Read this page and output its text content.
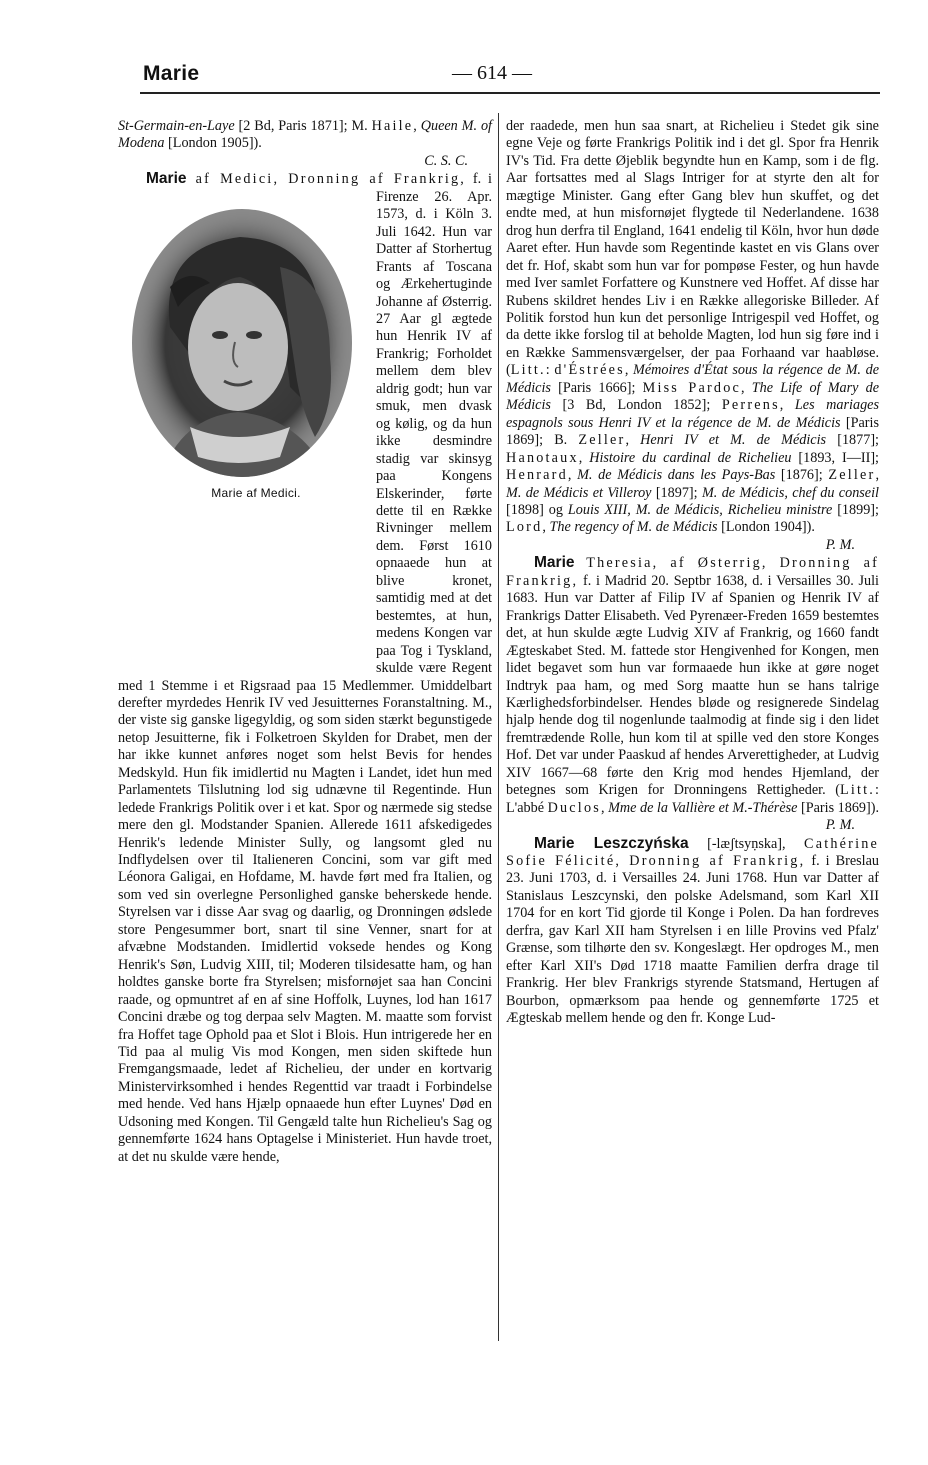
Marie	— 614 —

St-Germain-en-Laye [2 Bd, Paris 1871]; M. Haile, Queen M. of Modena [London 1905]).

C. S. C.

Marie af Medici, Dronning af Frankrig,
Marie af Medici.
f. i Firenze 26. Apr. 1573, d. i Köln 3. Juli 1642. Hun var Datter af Storhertug Frants af Toscana og Ærkehertuginde Johanne af Østerrig. 27 Aar gl ægtede hun Henrik IV af Frankrig; Forholdet mellem dem blev aldrig godt; hun var smuk, men dvask og kølig, og da hun ikke desmindre stadig var skinsyg paa Kongens Elskerinder, førte dette til en Række Rivninger mellem dem. Først 1610 opnaaede hun at blive kronet, samtidig med at det bestemtes, at hun, medens Kongen var paa Tog i Tyskland, skulde være Regent med 1 Stemme i et Rigsraad paa 15 Medlemmer. Umiddelbart derefter myrdedes Henrik IV ved Jesuitternes Foranstaltning. M., der viste sig ganske ligegyldig, og som siden stærkt begunstigede netop Jesuitterne, fik i Folketroen Skylden for Drabet, men der har ikke kunnet anføres noget som helst Bevis for hendes Medskyld. Hun fik imidlertid nu Magten i Landet, idet hun med Parlamentets Tilslutning lod sig udnævne til Regentinde. Hun ledede Frankrigs Politik over i et kat. Spor og nærmede sig stedse mere den gl. Modstander Spanien. Allerede 1611 afskedigedes Henrik's ledende Minister Sully, og langsomt gled nu Indflydelsen over til Italieneren Concini, som var gift med Léonora Galigai, en Hofdame, M. havde ført med fra Italien, og som ved sin overlegne Personlighed ganske beherskede hende. Styrelsen var i disse Aar svag og daarlig, og Dronningen ødslede store Pengesummer bort, snart til sine Venner, snart for at afvæbne Modstanden. Imidlertid voksede hendes og Kong Henrik's Søn, Ludvig XIII, til; Moderen tilsidesatte ham, og han holdtes ganske borte fra Styrelsen; misfornøjet saa han Concini raade, og opmuntret af en af sine Hoffolk, Luynes, lod han 1617 Concini dræbe og tog derpaa selv Magten. M. maatte som forvist fra Hoffet tage Ophold paa et Slot i Blois. Hun intrigerede her en Tid paa al mulig Vis mod Kongen, men siden skiftede hun Fremgangsmaade, ledet af Richelieu, der under en kortvarig Ministervirksomhed i hendes Regenttid var traadt i Forbindelse med hende. Ved hans Hjælp opnaaede hun efter Luynes' Død en Udsoning med Kongen. Til Gengæld talte hun Richelieu's Sag og gennemførte 1624 hans Optagelse i Ministeriet. Hun havde troet, at det nu skulde være hende,

der raadede, men hun saa snart, at Richelieu i Stedet gik sine egne Veje og førte Frankrigs Politik ind i det gl. Spor fra Henrik IV's Tid. Fra dette Øjeblik begyndte hun en Kamp, som i de flg. Aar fortsattes med al Slags Intriger for at styrte den alt for mægtige Minister. Gang efter Gang blev hun skuffet, og det endte med, at hun misfornøjet flygtede til Nederlandene. 1638 drog hun derfra til England, 1641 endelig til Köln, hvor hun døde Aaret efter. Hun havde som Regentinde kastet en vis Glans over det fr. Hof, skabt som hun var for pompøse Fester, og hun havde med Iver samlet Forfattere og Kunstnere ved Hoffet. Af disse har Rubens skildret hendes Liv i en Række allegoriske Billeder. Af Politik forstod hun kun det personlige Intrigespil ved Hoffet, og da dette ikke forslog til at beholde Magten, lod hun sig føre ind i en Række Sammensværgelser, der paa Forhaand var haabløse. (Litt.: d'Éstrées, Mémoires d'État sous la régence de M. de Médicis [Paris 1666]; Miss Pardoc, The Life of Mary de Médicis [3 Bd, London 1852]; Perrens, Les mariages espagnols sous Henri IV et la régence de M. de Médicis [Paris 1869]; B. Zeller, Henri IV et M. de Médicis [1877]; Hanotaux, Histoire du cardinal de Richelieu [1893, I—II]; Henrard, M. de Médicis dans les Pays-Bas [1876]; Zeller, M. de Médicis et Villeroy [1897]; M. de Médicis, chef du conseil [1898] og Louis XIII, M. de Médicis, Richelieu ministre [1899]; Lord, The regency of M. de Médicis [London 1904]).

P. M.

Marie Theresia, af Østerrig, Dronning af Frankrig, f. i Madrid 20. Septbr 1638, d. i Versailles 30. Juli 1683. Hun var Datter af Filip IV af Spanien og Henrik IV af Frankrigs Datter Elisabeth. Ved Pyrenæer-Freden 1659 bestemtes det, at hun skulde ægte Ludvig XIV af Frankrig, og 1660 fandt Ægteskabet Sted. M. fattede stor Hengivenhed for Kongen, men lidet begavet som hun var formaaede hun ikke at gøre noget Indtryk paa ham, og med Sorg maatte hun se hans talrige Kærlighedsforbindelser. Hendes bløde og resignerede Sindelag hjalp hende dog til nogenlunde taalmodig at finde sig i den lidet fremtrædende Rolle, hun kom til at spille ved den store Konges Hof. Det var under Paaskud af hendes Arverettigheder, at Ludvig XIV 1667—68 førte den Krig mod hendes Hjemland, der betegnes som Krigen for Dronningens Rettigheder. (Litt.: L'abbé Duclos, Mme de la Vallière et M.-Thérèse [Paris 1869]).

P. M.

Marie Leszczyńska [-læʃtsyṇska], Cathérine Sofie Félicité, Dronning af Frankrig, f. i Breslau 23. Juni 1703, d. i Versailles 24. Juni 1768. Hun var Datter af Stanislaus Leszcynski, den polske Adelsmand, som Karl XII 1704 for en kort Tid gjorde til Konge i Polen. Da han fordreves derfra, gav Karl XII ham Styrelsen i en lille Provins ved Pfalz' Grænse, som tilhørte den sv. Kongeslægt. Her opdroges M., men efter Karl XII's Død 1718 maatte Familien derfra drage til Frankrig. Her blev Frankrigs styrende Statsmand, Hertugen af Bourbon, opmærksom paa hende og gennemførte 1725 et Ægteskab mellem hende og den fr. Konge Lud-
